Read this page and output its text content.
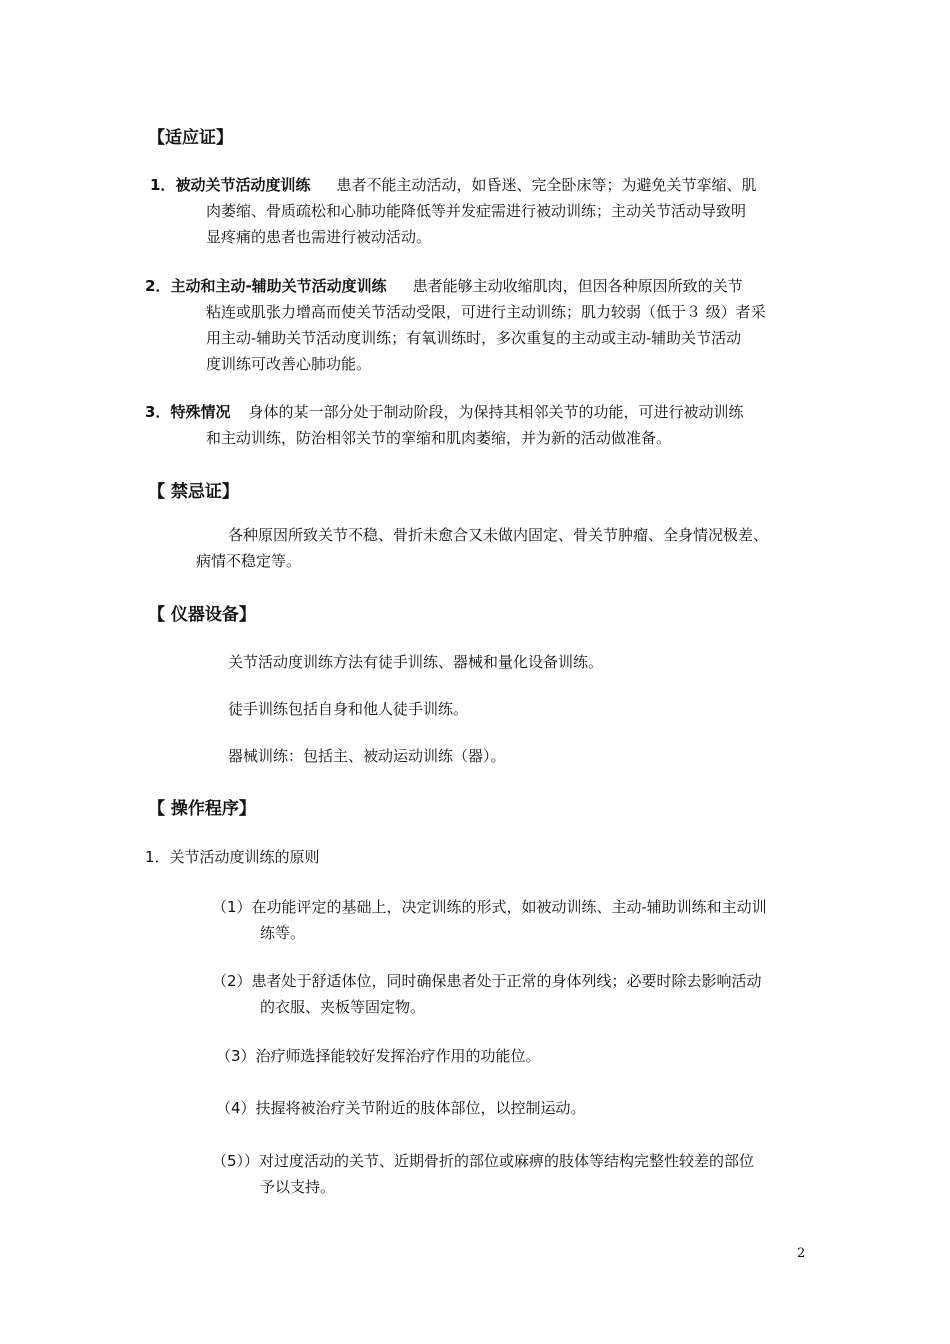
【适应证】
1．被动关节活动度训练 患者不能主动活动，如昏迷、完全卧床等；为避免关节挛缩、肌
肉萎缩、骨质疏松和心肺功能降低等并发症需进行被动训练；主动关节活动导致明
显疼痛的患者也需进行被动活动。
2．主动和主动-辅助关节活动度训练 患者能够主动收缩肌肉，但因各种原因所致的关节
粘连或肌张力增高而使关节活动受限，可进行主动训练；肌力较弱（低于３ 级）者采
用主动-辅助关节活动度训练；有氧训练时，多次重复的主动或主动-辅助关节活动
度训练可改善心肺功能。
3．特殊情况 身体的某一部分处于制动阶段，为保持其相邻关节的功能，可进行被动训练
和主动训练，防治相邻关节的挛缩和肌肉萎缩，并为新的活动做准备。
【 禁忌证】
各种原因所致关节不稳、骨折未愈合又未做内固定、骨关节肿瘤、全身情况极差、
病情不稳定等。
【 仪器设备】
关节活动度训练方法有徒手训练、器械和量化设备训练。
徒手训练包括自身和他人徒手训练。
器械训练：包括主、被动运动训练（器）。
【 操作程序】
1．关节活动度训练的原则
（1）在功能评定的基础上，决定训练的形式，如被动训练、主动-辅助训练和主动训
练等。
（2）患者处于舒适体位，同时确保患者处于正常的身体列线；必要时除去影响活动
的衣服、夹板等固定物。
（3）治疗师选择能较好发挥治疗作用的功能位。
（4）扶握将被治疗关节附近的肢体部位，以控制运动。
（5））对过度活动的关节、近期骨折的部位或麻痹的肢体等结构完整性较差的部位
予以支持。
2
